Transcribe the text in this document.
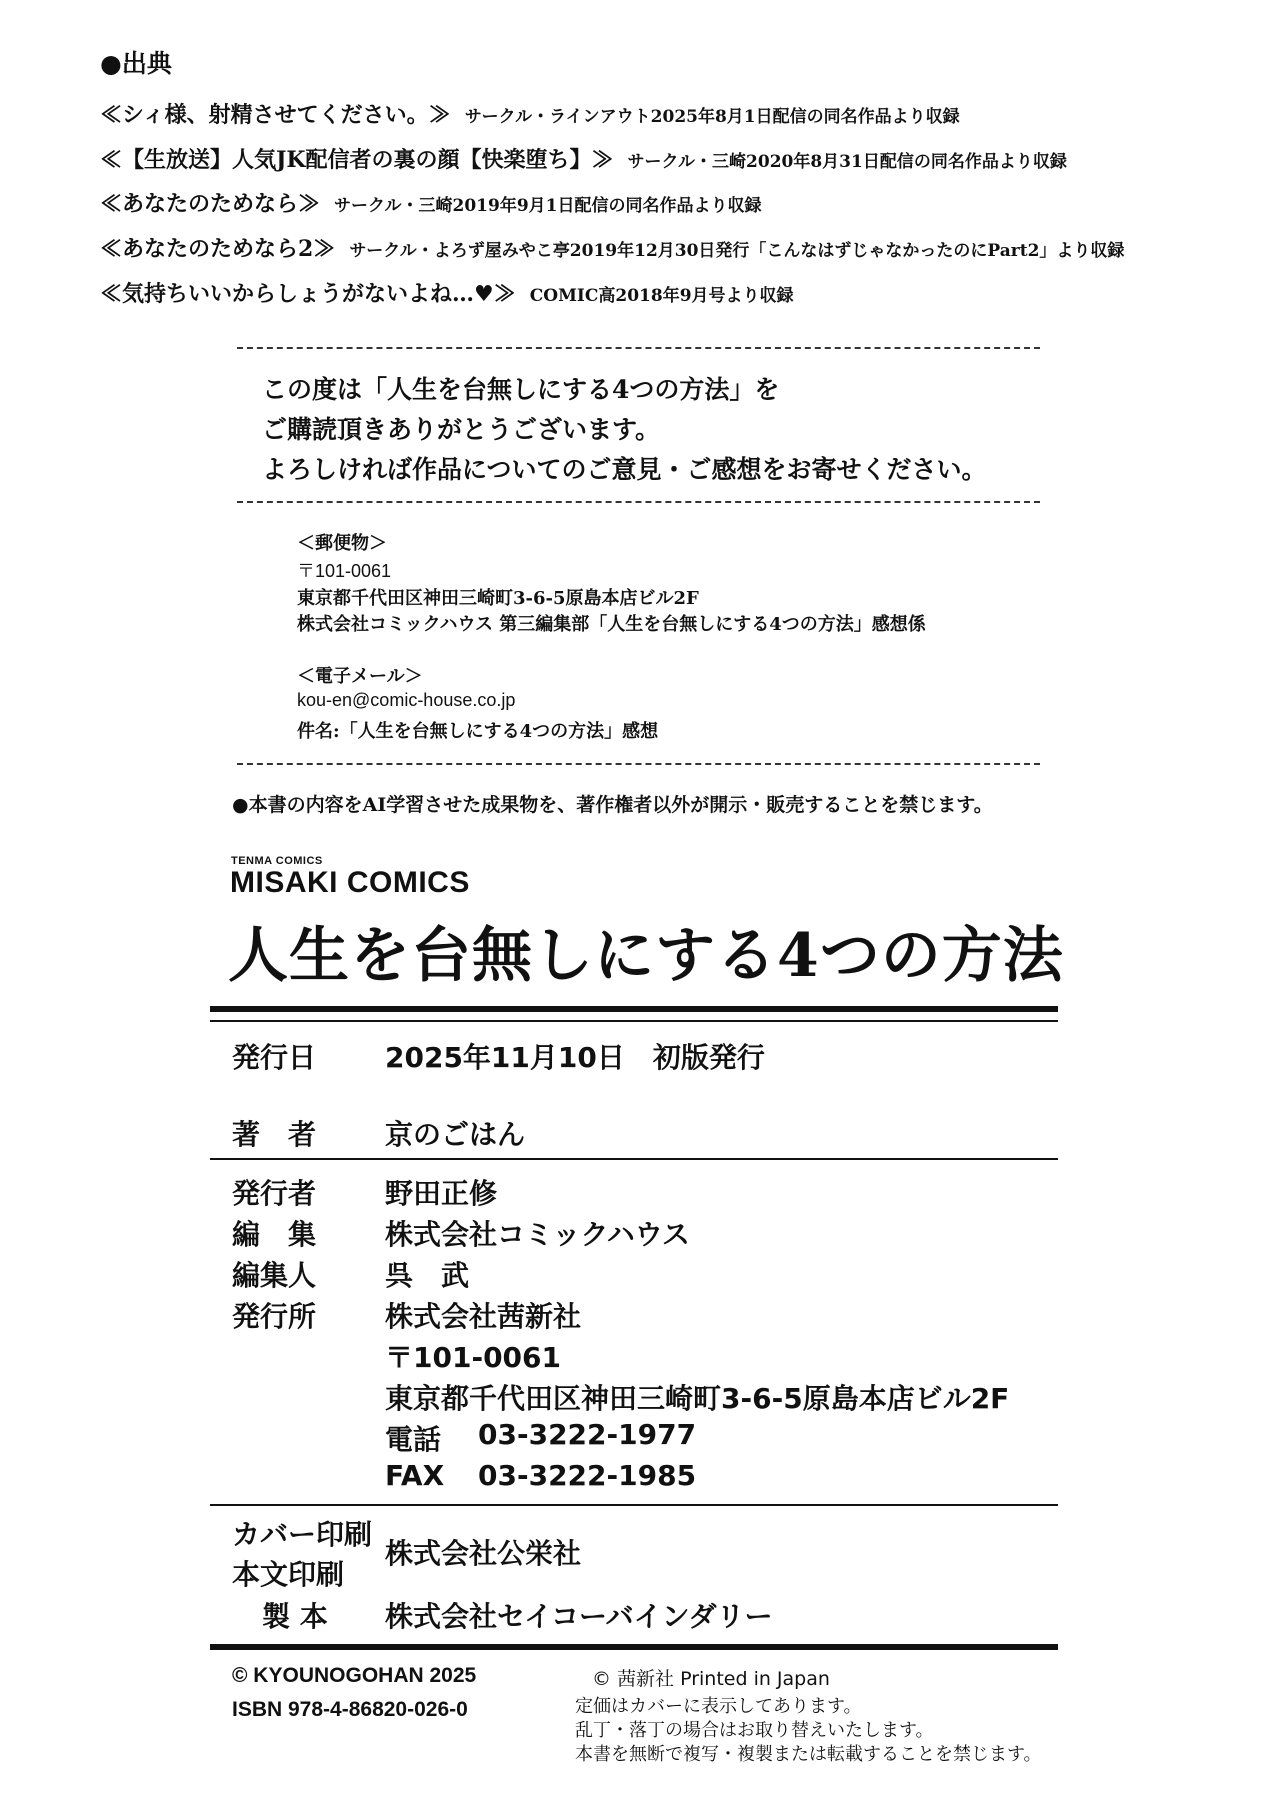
●出典
≪シィ様、射精させてください。≫ サークル・ラインアウト2025年8月1日配信の同名作品より収録
≪【生放送】人気JK配信者の裏の顔【快楽堕ち】≫ サークル・三崎2020年8月31日配信の同名作品より収録
≪あなたのためなら≫ サークル・三崎2019年9月1日配信の同名作品より収録
≪あなたのためなら2≫ サークル・よろず屋みやこ亭2019年12月30日発行「こんなはずじゃなかったのにPart2」より収録
≪気持ちいいからしょうがないよね…♥≫ COMIC高2018年9月号より収録
この度は「人生を台無しにする4つの方法」を
ご購読頂きありがとうございます。
よろしければ作品についてのご意見・ご感想をお寄せください。
＜郵便物＞
〒101-0061
東京都千代田区神田三崎町3-6-5原島本店ビル2F
株式会社コミックハウス 第三編集部「人生を台無しにする4つの方法」感想係
＜電子メール＞
kou-en@comic-house.co.jp
件名:「人生を台無しにする4つの方法」感想
●本書の内容をAI学習させた成果物を、著作権者以外が開示・販売することを禁じます。
TENMA COMICS
MISAKI COMICS
人生を台無しにする4つの方法
発行日 2025年11月10日　初版発行
著　者 京のごはん
発行者 野田正修
編　集 株式会社コミックハウス
編集人 呉　武
発行所 株式会社茜新社
〒101-0061
東京都千代田区神田三崎町3-6-5原島本店ビル2F
電話 03-3222-1977
FAX 03-3222-1985
カバー印刷
本文印刷
株式会社公栄社
製 本 株式会社セイコーバインダリー
© KYOUNOGOHAN 2025
ISBN 978-4-86820-026-0
© 茜新社 Printed in Japan
定価はカバーに表示してあります。
乱丁・落丁の場合はお取り替えいたします。
本書を無断で複写・複製または転載することを禁じます。
